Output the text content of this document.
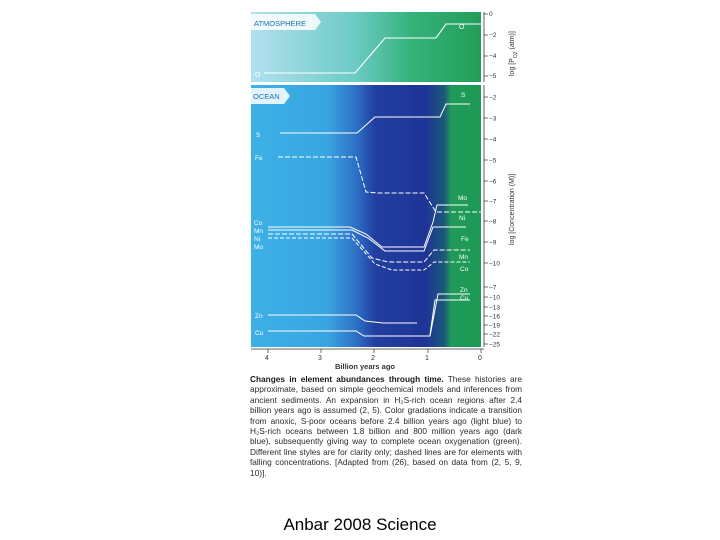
ATMOSPHERE
O
O
0
−2
−4
−5
$\log [P_{O2}$ (atm)]
OCEAN
S
Fe
Co
Mn
Ni
Mo
Zn
Cu
S
Mo
Ni
Fe
Mn
Co
Zn
Cu
−2
−3
−4
−5
−6
−7
−8
−9
−10
−7
−10
−13
−16
−19
−22
−25
log [Concentration (M)]
4	3	2	1	0
Billion years ago

Changes in element abundances through time. These histories are approximate, based on simple geochemical models and inferences from ancient sediments. An expansion in H₂S-rich ocean regions after 2.4 billion years ago is assumed (2, 5). Color gradations indicate a transition from anoxic, S-poor oceans before 2.4 billion years ago (light blue) to H₂S-rich oceans between 1.8 billion and 800 million years ago (dark blue), subsequently giving way to complete ocean oxygenation (green). Different line styles are for clarity only; dashed lines are for elements with falling concentrations. [Adapted from (26), based on data from (2, 5, 9, 10)].

Anbar 2008 Science
